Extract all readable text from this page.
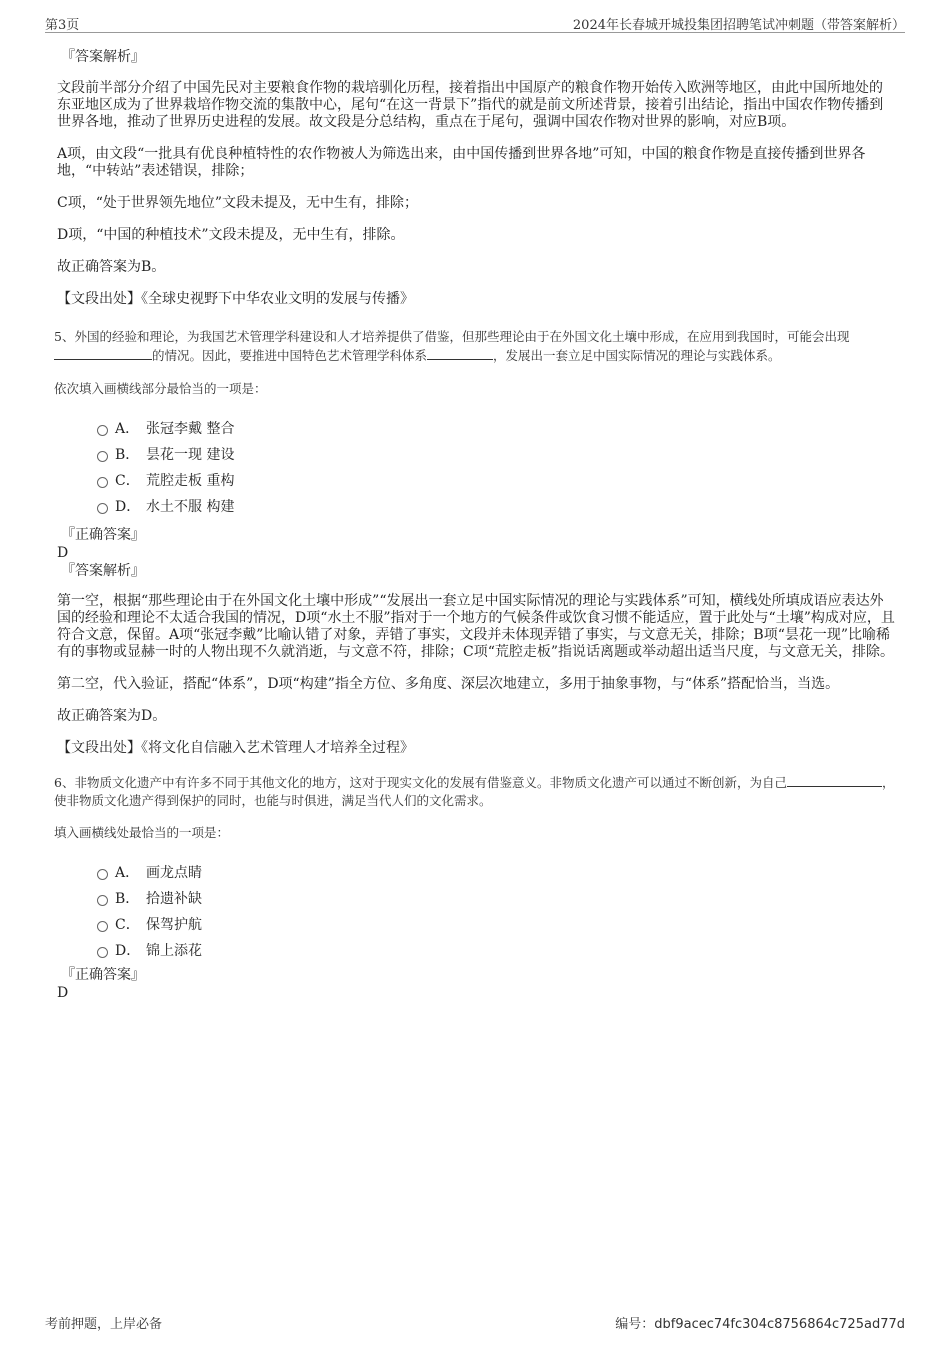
第3页	2024年长春城开城投集团招聘笔试冲刺题（带答案解析）

『答案解析』

文段前半部分介绍了中国先民对主要粮食作物的栽培驯化历程，接着指出中国原产的粮食作物开始传入欧洲等地区，由此中国所地处的东亚地区成为了世界栽培作物交流的集散中心，尾句“在这一背景下”指代的就是前文所述背景，接着引出结论，指出中国农作物传播到世界各地，推动了世界历史进程的发展。故文段是分总结构，重点在于尾句，强调中国农作物对世界的影响，对应B项。

A项，由文段“一批具有优良种植特性的农作物被人为筛选出来，由中国传播到世界各地”可知，中国的粮食作物是直接传播到世界各地，“中转站”表述错误，排除；

C项，“处于世界领先地位”文段未提及，无中生有，排除；

D项，“中国的种植技术”文段未提及，无中生有，排除。

故正确答案为B。

【文段出处】《全球史视野下中华农业文明的发展与传播》

5、外国的经验和理论，为我国艺术管理学科建设和人才培养提供了借鉴，但那些理论由于在外国文化土壤中形成，在应用到我国时，可能会出现的情况。因此，要推进中国特色艺术管理学科体系	，发展出一套立足中国实际情况的理论与实践体系。

依次填入画横线部分最恰当的一项是：

A． 张冠李戴 整合
B． 昙花一现 建设
C． 荒腔走板 重构
D． 水土不服 构建

『正确答案』

D

『答案解析』

第一空，根据“那些理论由于在外国文化土壤中形成”“发展出一套立足中国实际情况的理论与实践体系”可知，横线处所填成语应表达外国的经验和理论不太适合我国的情况，D项“水土不服”指对于一个地方的气候条件或饮食习惯不能适应，置于此处与“土壤”构成对应，且符合文意，保留。A项“张冠李戴”比喻认错了对象，弄错了事实，文段并未体现弄错了事实，与文意无关，排除；B项“昙花一现”比喻稀有的事物或显赫一时的人物出现不久就消逝，与文意不符，排除；C项“荒腔走板”指说话离题或举动超出适当尺度，与文意无关，排除。

第二空，代入验证，搭配“体系”，D项“构建”指全方位、多角度、深层次地建立，多用于抽象事物，与“体系”搭配恰当，当选。

故正确答案为D。

【文段出处】《将文化自信融入艺术管理人才培养全过程》

6、非物质文化遗产中有许多不同于其他文化的地方，这对于现实文化的发展有借鉴意义。非物质文化遗产可以通过不断创新，为自己	，使非物质文化遗产得到保护的同时，也能与时俱进，满足当代人们的文化需求。

填入画横线处最恰当的一项是：

A． 画龙点睛
B． 拾遗补缺
C． 保驾护航
D． 锦上添花

『正确答案』

D

考前押题，上岸必备	编号：dbf9acec74fc304c8756864c725ad77d
